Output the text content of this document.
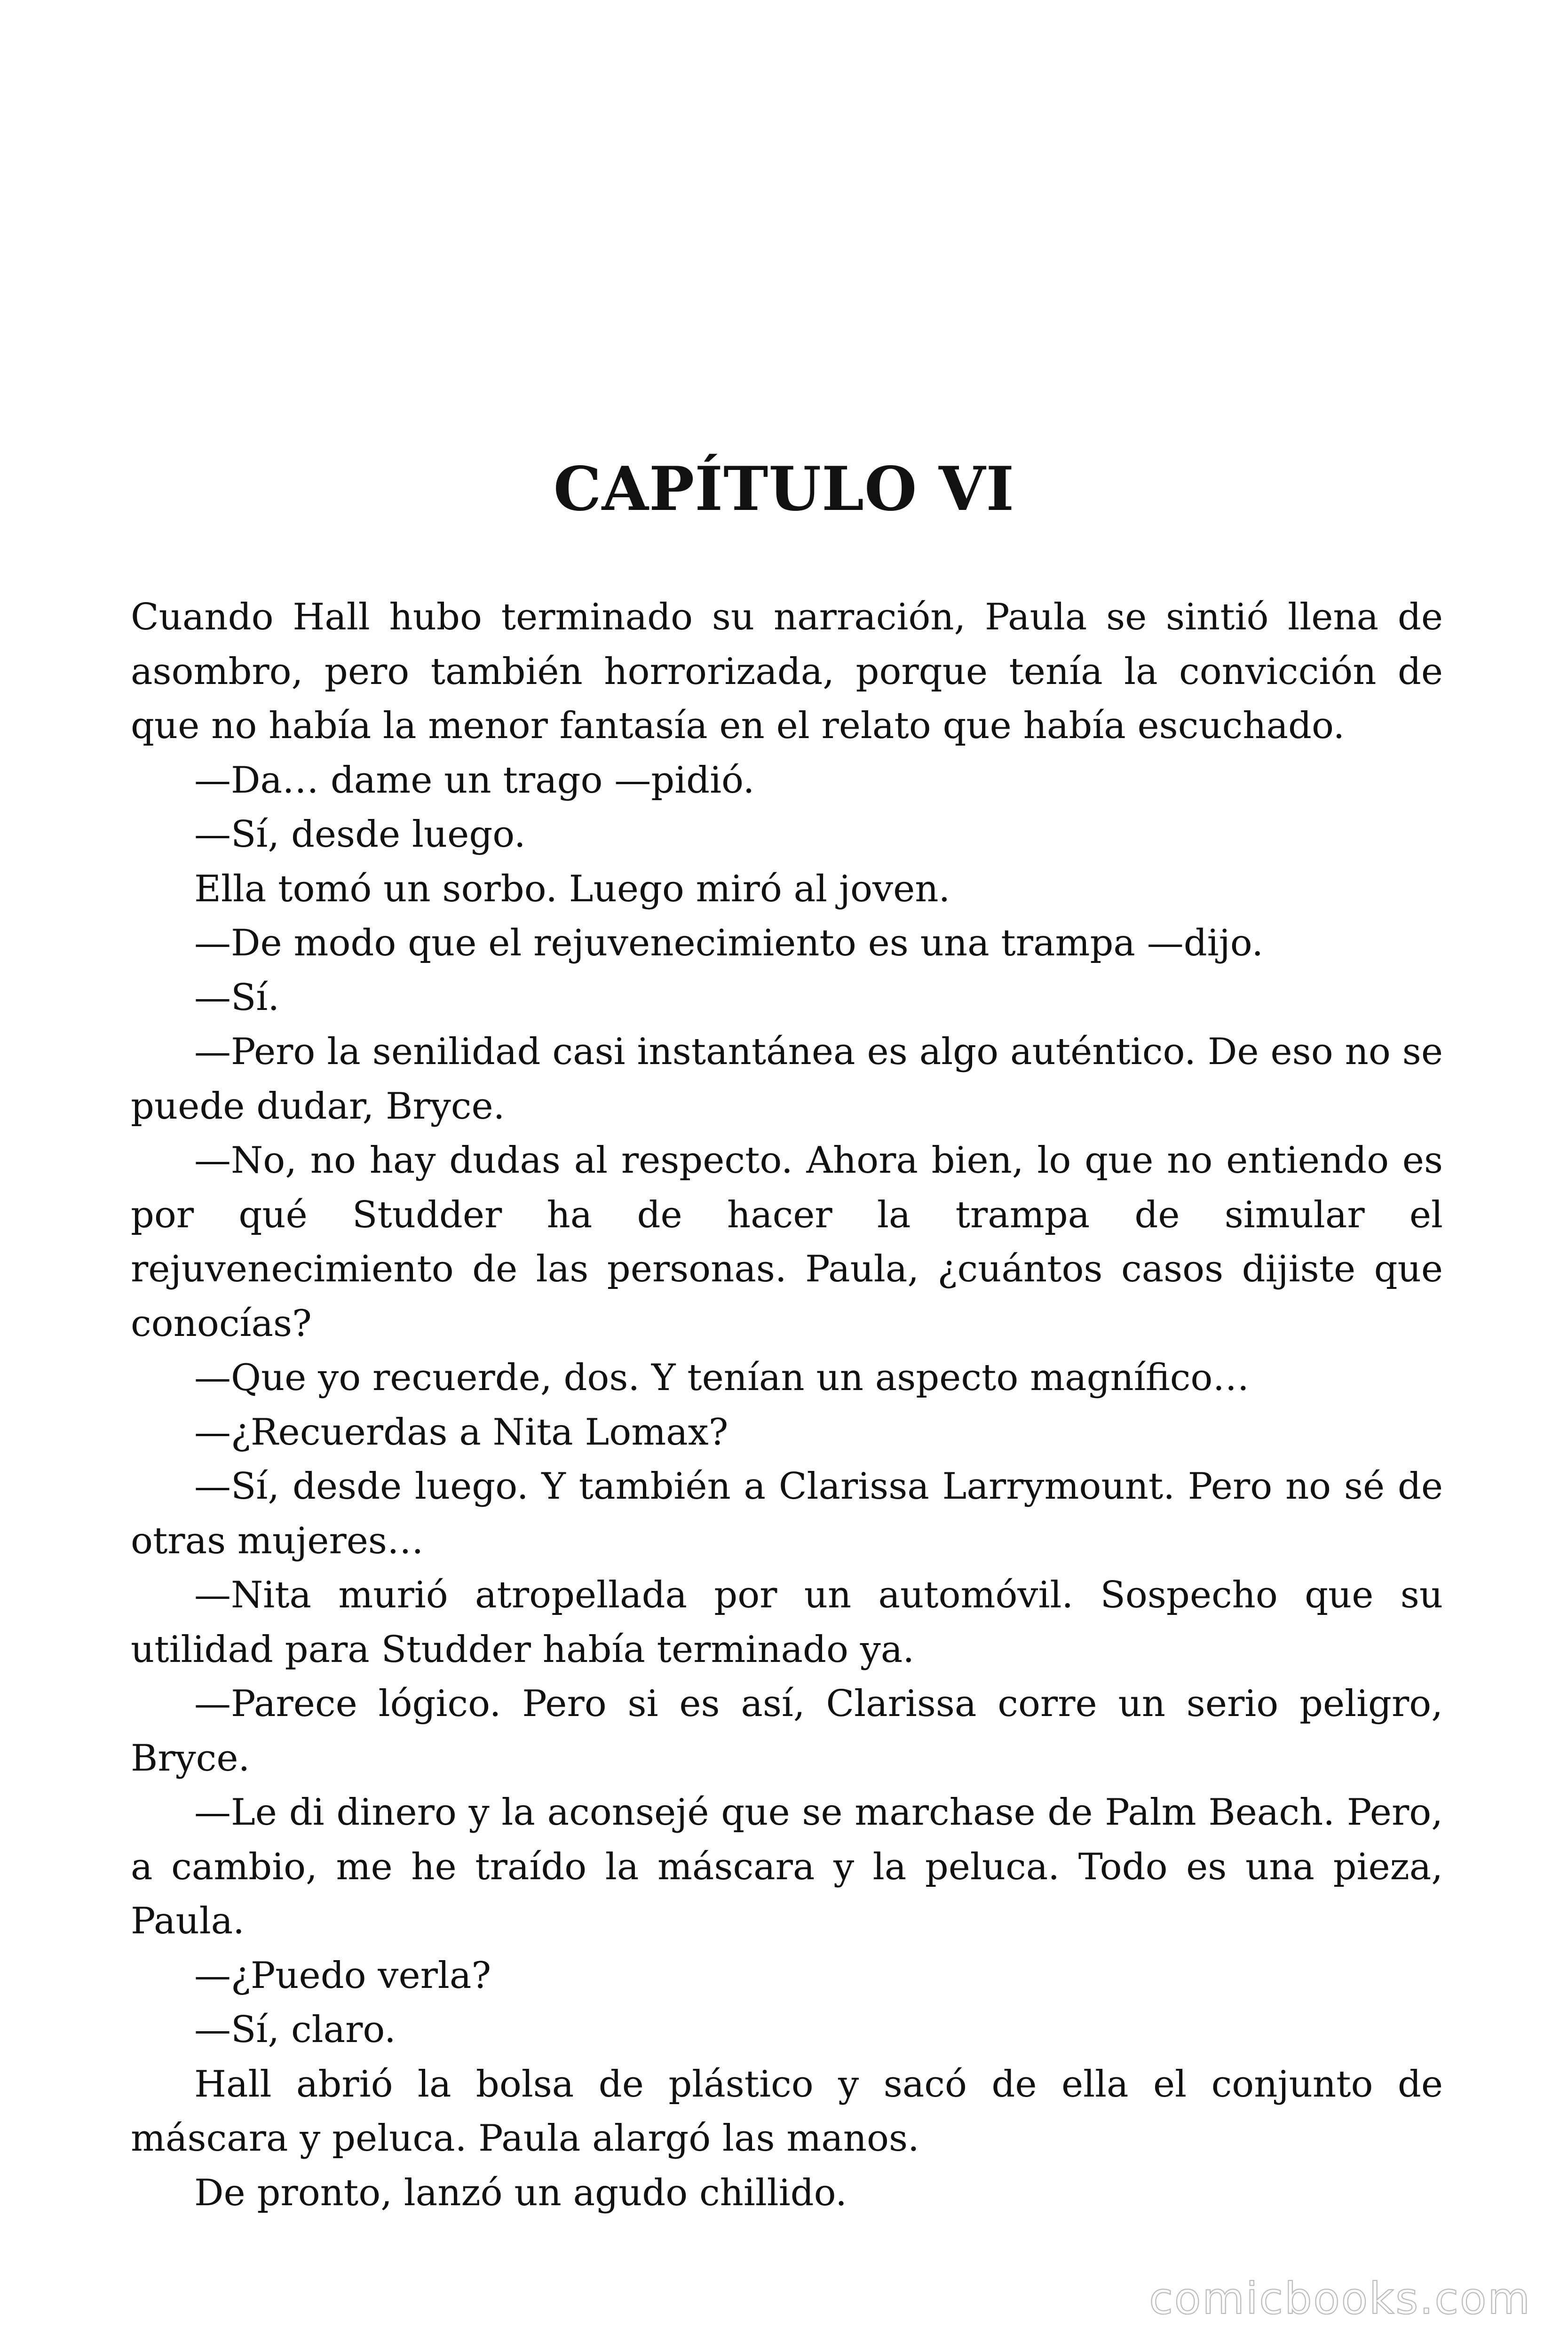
CAPÍTULO VI

Cuando Hall hubo terminado su narración, Paula se sintió llena de asombro, pero también horrorizada, porque tenía la convicción de que no había la menor fantasía en el relato que había escuchado.

—Da… dame un trago —pidió.

—Sí, desde luego.

Ella tomó un sorbo. Luego miró al joven.

—De modo que el rejuvenecimiento es una trampa —dijo.

—Sí.

—Pero la senilidad casi instantánea es algo auténtico. De eso no se puede dudar, Bryce.

—No, no hay dudas al respecto. Ahora bien, lo que no entiendo es por qué Studder ha de hacer la trampa de simular el rejuvenecimiento de las personas. Paula, ¿cuántos casos dijiste que conocías?

—Que yo recuerde, dos. Y tenían un aspecto magnífico…

—¿Recuerdas a Nita Lomax?

—Sí, desde luego. Y también a Clarissa Larrymount. Pero no sé de otras mujeres…

—Nita murió atropellada por un automóvil. Sospecho que su utilidad para Studder había terminado ya.

—Parece lógico. Pero si es así, Clarissa corre un serio peligro, Bryce.

—Le di dinero y la aconsejé que se marchase de Palm Beach. Pero, a cambio, me he traído la máscara y la peluca. Todo es una pieza, Paula.

—¿Puedo verla?

—Sí, claro.

Hall abrió la bolsa de plástico y sacó de ella el conjunto de máscara y peluca. Paula alargó las manos.

De pronto, lanzó un agudo chillido.

comicbooks.com
